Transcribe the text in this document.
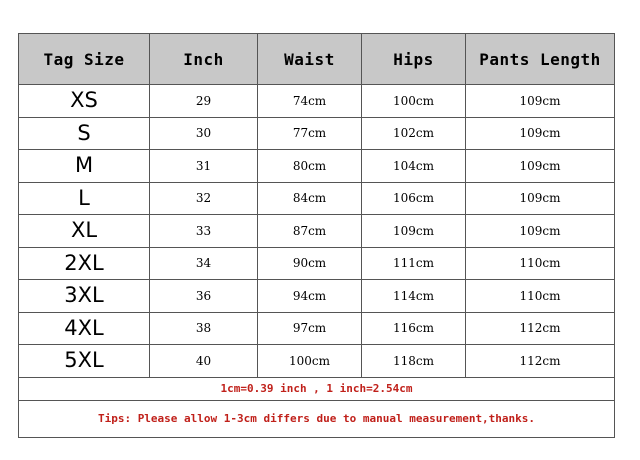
Tag Size	Inch	Waist	Hips	Pants Length
XS	29	74cm	100cm	109cm
S	30	77cm	102cm	109cm
M	31	80cm	104cm	109cm
L	32	84cm	106cm	109cm
XL	33	87cm	109cm	109cm
2XL	34	90cm	111cm	110cm
3XL	36	94cm	114cm	110cm
4XL	38	97cm	116cm	112cm
5XL	40	100cm	118cm	112cm
1cm=0.39 inch , 1 inch=2.54cm				
Tips: Please allow 1-3cm differs due to manual measurement,thanks.				
